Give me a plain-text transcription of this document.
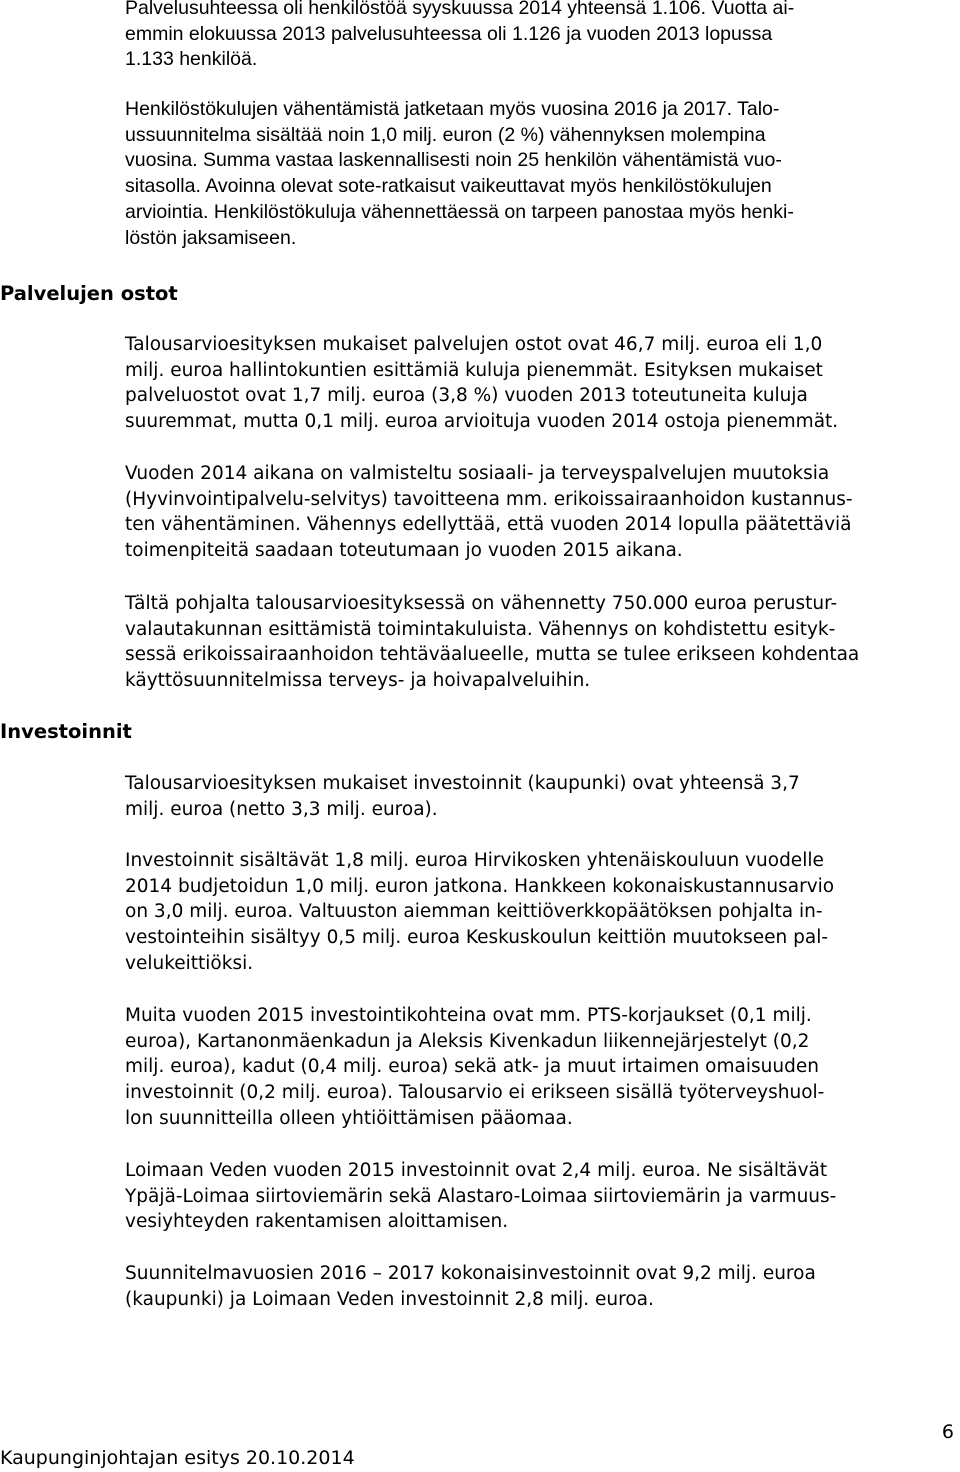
Palvelusuhteessa oli henkilöstöä syyskuussa 2014 yhteensä 1.106. Vuotta ai-
emmin elokuussa 2013 palvelusuhteessa oli 1.126 ja vuoden 2013 lopussa
1.133 henkilöä.

Henkilöstökulujen vähentämistä jatketaan myös vuosina 2016 ja 2017. Talo-
ussuunnitelma sisältää noin 1,0 milj. euron (2 %) vähennyksen molempina
vuosina. Summa vastaa laskennallisesti noin 25 henkilön vähentämistä vuo-
sitasolla. Avoinna olevat sote-ratkaisut vaikeuttavat myös henkilöstökulujen
arviointia. Henkilöstökuluja vähennettäessä on tarpeen panostaa myös henki-
löstön jaksamiseen.

Palvelujen ostot

Talousarvioesityksen mukaiset palvelujen ostot ovat 46,7 milj. euroa eli 1,0
milj. euroa hallintokuntien esittämiä kuluja pienemmät. Esityksen mukaiset
palveluostot ovat 1,7 milj. euroa (3,8 %) vuoden 2013 toteutuneita kuluja
suuremmat, mutta 0,1 milj. euroa arvioituja vuoden 2014 ostoja pienemmät.

Vuoden 2014 aikana on valmisteltu sosiaali- ja terveyspalvelujen muutoksia
(Hyvinvointipalvelu-selvitys) tavoitteena mm. erikoissairaanhoidon kustannus-
ten vähentäminen. Vähennys edellyttää, että vuoden 2014 lopulla päätettäviä
toimenpiteitä saadaan toteutumaan jo vuoden 2015 aikana.

Tältä pohjalta talousarvioesityksessä on vähennetty 750.000 euroa perustur-
valautakunnan esittämistä toimintakuluista. Vähennys on kohdistettu esityk-
sessä erikoissairaanhoidon tehtäväalueelle, mutta se tulee erikseen kohdentaa
käyttösuunnitelmissa terveys- ja hoivapalveluihin.

Investoinnit

Talousarvioesityksen mukaiset investoinnit (kaupunki) ovat yhteensä 3,7
milj. euroa (netto 3,3 milj. euroa).

Investoinnit sisältävät 1,8 milj. euroa Hirvikosken yhtenäiskouluun vuodelle
2014 budjetoidun 1,0 milj. euron jatkona. Hankkeen kokonaiskustannusarvio
on 3,0 milj. euroa. Valtuuston aiemman keittiöverkkopäätöksen pohjalta in-
vestointeihin sisältyy 0,5 milj. euroa Keskuskoulun keittiön muutokseen pal-
velukeittiöksi.

Muita vuoden 2015 investointikohteina ovat mm. PTS-korjaukset (0,1 milj.
euroa), Kartanonmäenkadun ja Aleksis Kivenkadun liikennejärjestelyt (0,2
milj. euroa), kadut (0,4 milj. euroa) sekä atk- ja muut irtaimen omaisuuden
investoinnit (0,2 milj. euroa). Talousarvio ei erikseen sisällä työterveyshuol-
lon suunnitteilla olleen yhtiöittämisen pääomaa.

Loimaan Veden vuoden 2015 investoinnit ovat 2,4 milj. euroa. Ne sisältävät
Ypäjä-Loimaa siirtoviemärin sekä Alastaro-Loimaa siirtoviemärin ja varmuus-
vesiyhteyden rakentamisen aloittamisen.

Suunnitelmavuosien 2016 – 2017 kokonaisinvestoinnit ovat 9,2 milj. euroa
(kaupunki) ja Loimaan Veden investoinnit 2,8 milj. euroa.

6

Kaupunginjohtajan esitys 20.10.2014
